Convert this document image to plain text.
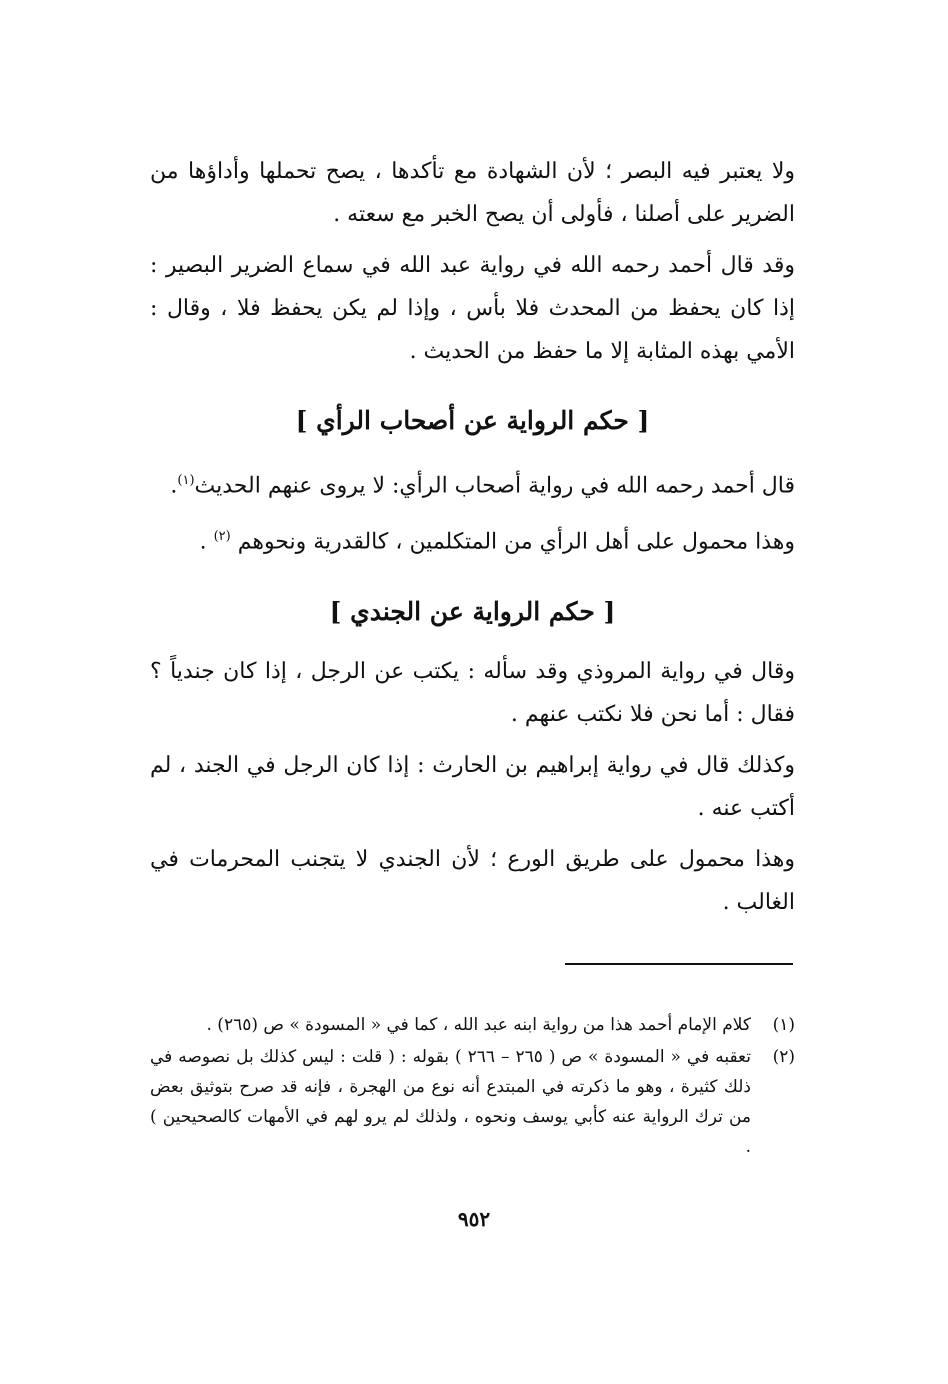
ولا يعتبر فيه البصر ؛ لأن الشهادة مع تأكدها ، يصح تحملها وأداؤها من الضرير على أصلنا ، فأولى أن يصح الخبر مع سعته .

وقد قال أحمد رحمه الله في رواية عبد الله في سماع الضرير البصير : إذا كان يحفظ من المحدث فلا بأس ، وإذا لم يكن يحفظ فلا ، وقال : الأمي بهذه المثابة إلا ما حفظ من الحديث .

[ حكم الرواية عن أصحاب الرأي ]

قال أحمد رحمه الله في رواية أصحاب الرأي: لا يروى عنهم الحديث$^{(١)}$.

وهذا محمول على أهل الرأي من المتكلمين ، كالقدرية ونحوهم $^{(٢)}$ .

[ حكم الرواية عن الجندي ]

وقال في رواية المروذي وقد سأله : يكتب عن الرجل ، إذا كان جندياً ؟ فقال : أما نحن فلا نكتب عنهم .

وكذلك قال في رواية إبراهيم بن الحارث : إذا كان الرجل في الجند ، لم أكتب عنه .

وهذا محمول على طريق الورع ؛ لأن الجندي لا يتجنب المحرمات في الغالب .

(١)
كلام الإمام أحمد هذا من رواية ابنه عبد الله ، كما في « المسودة » ص (٢٦٥) .
(٢)
تعقبه في « المسودة » ص ( ٢٦٥ – ٢٦٦ ) بقوله : ( قلت : ليس كذلك بل نصوصه في ذلك كثيرة ، وهو ما ذكرته في المبتدع أنه نوع من الهجرة ، فإنه قد صرح بتوثيق بعض من ترك الرواية عنه كأبي يوسف ونحوه ، ولذلك لم يرو لهم في الأمهات كالصحيحين ) .
٩٥٢
